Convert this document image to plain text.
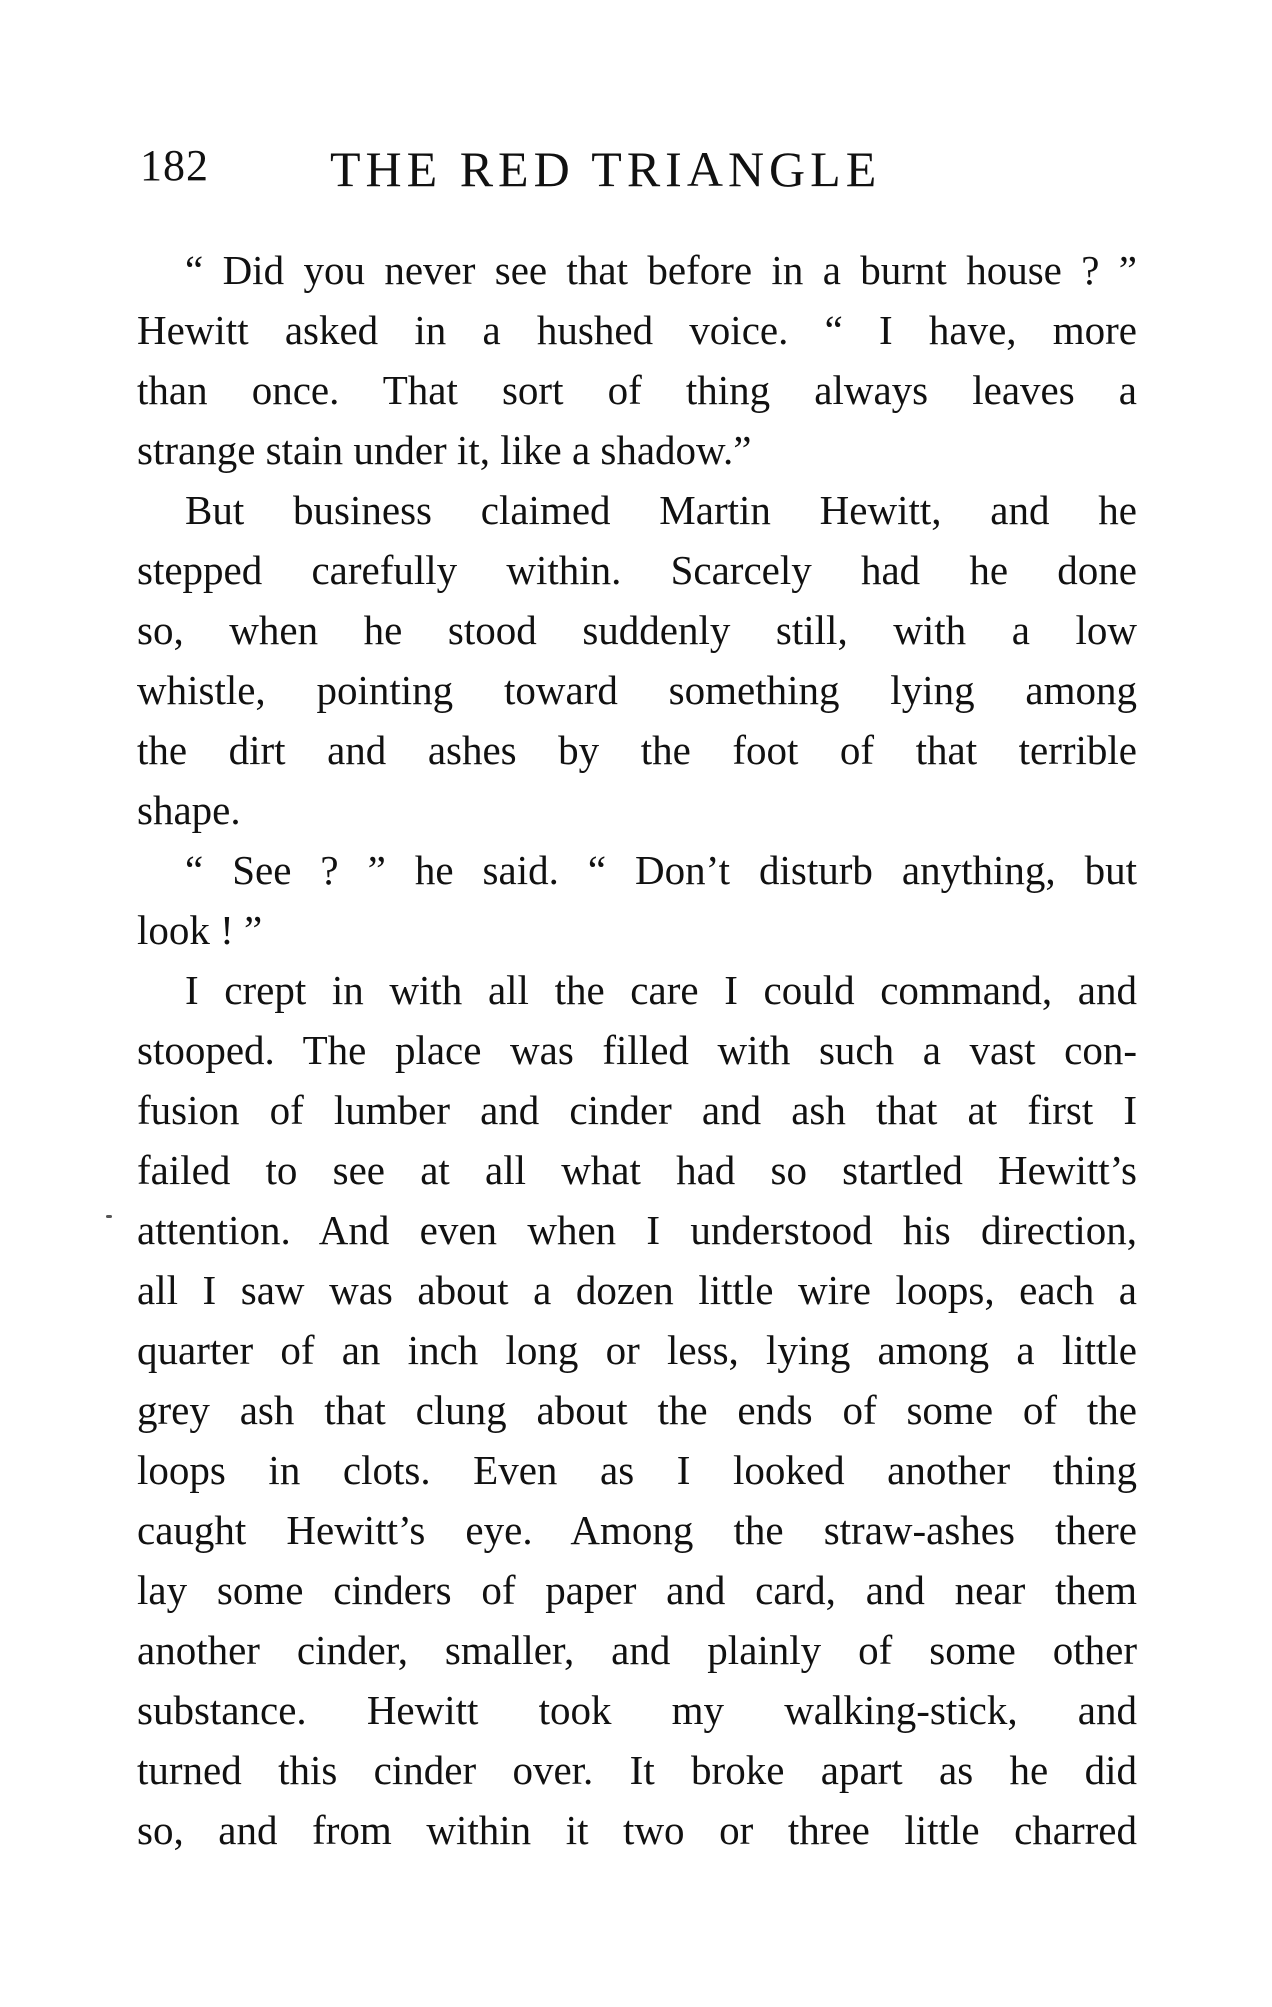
182 THE RED TRIANGLE
“ Did you never see that before in a burnt house ? ”
Hewitt asked in a hushed voice. “ I have, more
than once. That sort of thing always leaves a
strange stain under it, like a shadow.”
But business claimed Martin Hewitt, and he
stepped carefully within. Scarcely had he done
so, when he stood suddenly still, with a low
whistle, pointing toward something lying among
the dirt and ashes by the foot of that terrible
shape.
“ See ? ” he said. “ Don’t disturb anything, but
look ! ”
I crept in with all the care I could command, and
stooped. The place was filled with such a vast con-
fusion of lumber and cinder and ash that at first I
failed to see at all what had so startled Hewitt’s
attention. And even when I understood his direction,
all I saw was about a dozen little wire loops, each a
quarter of an inch long or less, lying among a little
grey ash that clung about the ends of some of the
loops in clots. Even as I looked another thing
caught Hewitt’s eye. Among the straw-ashes there
lay some cinders of paper and card, and near them
another cinder, smaller, and plainly of some other
substance. Hewitt took my walking-stick, and
turned this cinder over. It broke apart as he did
so, and from within it two or three little charred
